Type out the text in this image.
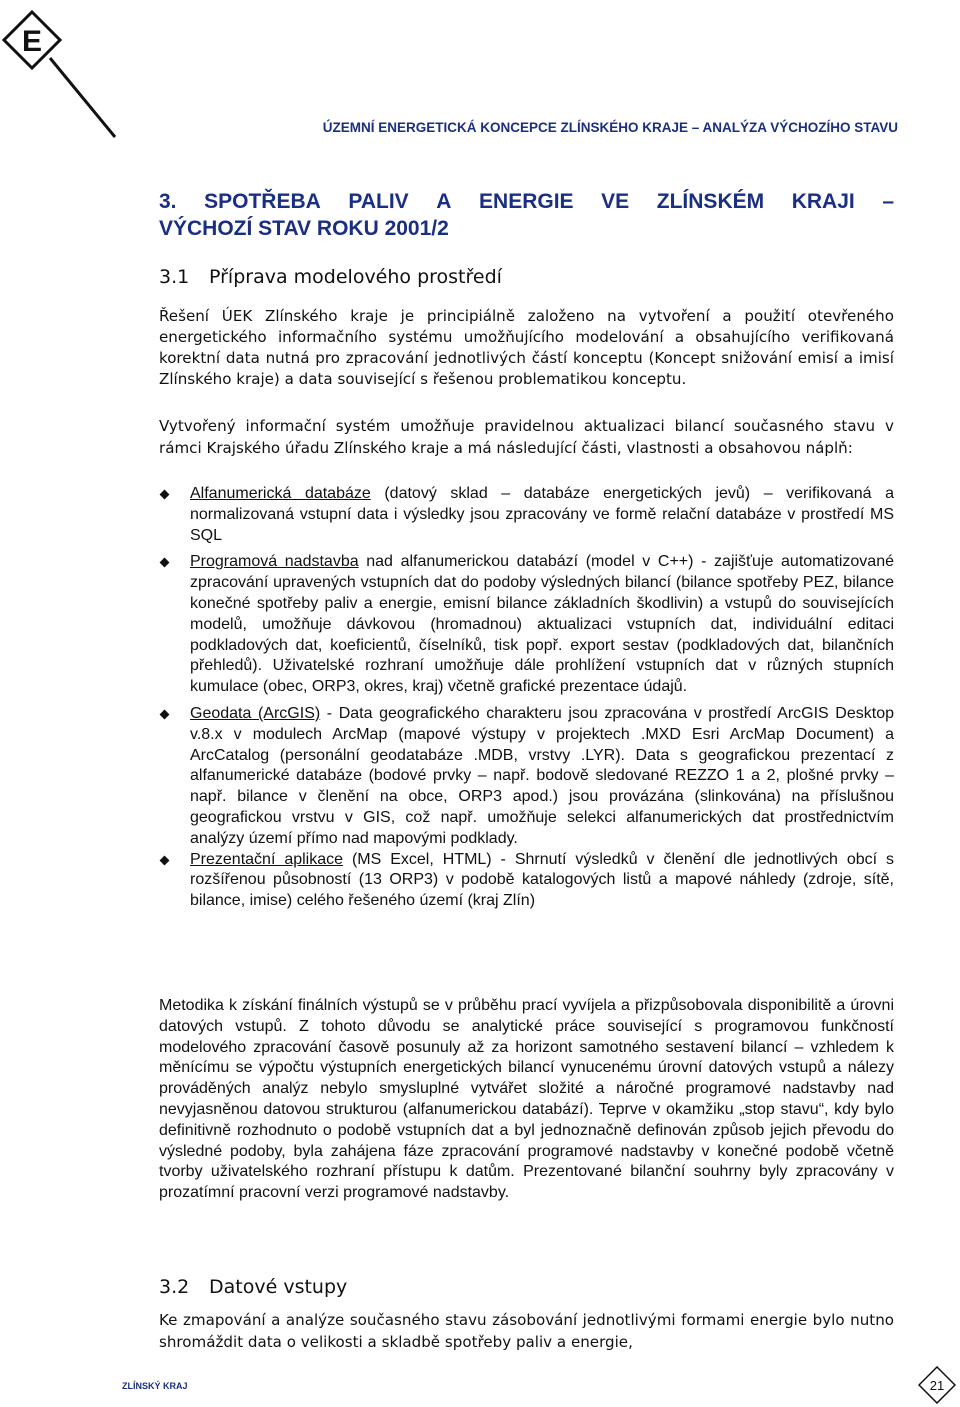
E
ÚZEMNÍ ENERGETICKÁ KONCEPCE ZLÍNSKÉHO KRAJE – ANALÝZA VÝCHOZÍHO STAVU
3. SPOTŘEBA PALIV A ENERGIE VE ZLÍNSKÉM KRAJI –
VÝCHOZÍ STAV ROKU 2001/2
3.1 Příprava modelového prostředí
Řešení ÚEK Zlínského kraje je principiálně založeno na vytvoření a použití otevřeného energetického informačního systému umožňujícího modelování a obsahujícího verifikovaná korektní data nutná pro zpracování jednotlivých částí konceptu (Koncept snižování emisí a imisí Zlínského kraje) a data související s řešenou problematikou konceptu.
Vytvořený informační systém umožňuje pravidelnou aktualizaci bilancí současného stavu v rámci Krajského úřadu Zlínského kraje a má následující části, vlastnosti a obsahovou náplň:
Alfanumerická databáze (datový sklad – databáze energetických jevů) – verifikovaná a normalizovaná vstupní data i výsledky jsou zpracovány ve formě relační databáze v prostředí MS SQL
Programová nadstavba nad alfanumerickou databází (model v C++) - zajišťuje automatizované zpracování upravených vstupních dat do podoby výsledných bilancí (bilance spotřeby PEZ, bilance konečné spotřeby paliv a energie, emisní bilance základních škodlivin) a vstupů do souvisejících modelů, umožňuje dávkovou (hromadnou) aktualizaci vstupních dat, individuální editaci podkladových dat, koeficientů, číselníků, tisk popř. export sestav (podkladových dat, bilančních přehledů). Uživatelské rozhraní umožňuje dále prohlížení vstupních dat v různých stupních kumulace (obec, ORP3, okres, kraj) včetně grafické prezentace údajů.
Geodata (ArcGIS) - Data geografického charakteru jsou zpracována v prostředí ArcGIS Desktop v.8.x v modulech ArcMap (mapové výstupy v projektech .MXD Esri ArcMap Document) a ArcCatalog (personální geodatabáze .MDB, vrstvy .LYR). Data s geografickou prezentací z alfanumerické databáze (bodové prvky – např. bodově sledované REZZO 1 a 2, plošné prvky – např. bilance v členění na obce, ORP3 apod.) jsou provázána (slinkována) na příslušnou geografickou vrstvu v GIS, což např. umožňuje selekci alfanumerických dat prostřednictvím analýzy území přímo nad mapovými podklady.
Prezentační aplikace (MS Excel, HTML) - Shrnutí výsledků v členění dle jednotlivých obcí s rozšířenou působností (13 ORP3) v podobě katalogových listů a mapové náhledy (zdroje, sítě, bilance, imise) celého řešeného území (kraj Zlín)
Metodika k získání finálních výstupů se v průběhu prací vyvíjela a přizpůsobovala disponibilitě a úrovni datových vstupů. Z tohoto důvodu se analytické práce související s programovou funkčností modelového zpracování časově posunuly až za horizont samotného sestavení bilancí – vzhledem k měnícímu se výpočtu výstupních energetických bilancí vynucenému úrovní datových vstupů a nálezy prováděných analýz nebylo smysluplné vytvářet složité a náročné programové nadstavby nad nevyjasněnou datovou strukturou (alfanumerickou databází). Teprve v okamžiku „stop stavu“, kdy bylo definitivně rozhodnuto o podobě vstupních dat a byl jednoznačně definován způsob jejich převodu do výsledné podoby, byla zahájena fáze zpracování programové nadstavby v konečné podobě včetně tvorby uživatelského rozhraní přístupu k datům. Prezentované bilanční souhrny byly zpracovány v prozatímní pracovní verzi programové nadstavby.
3.2 Datové vstupy
Ke zmapování a analýze současného stavu zásobování jednotlivými formami energie bylo nutno shromáždit data o velikosti a skladbě spotřeby paliv a energie,
ZLÍNSKÝ KRAJ	21
